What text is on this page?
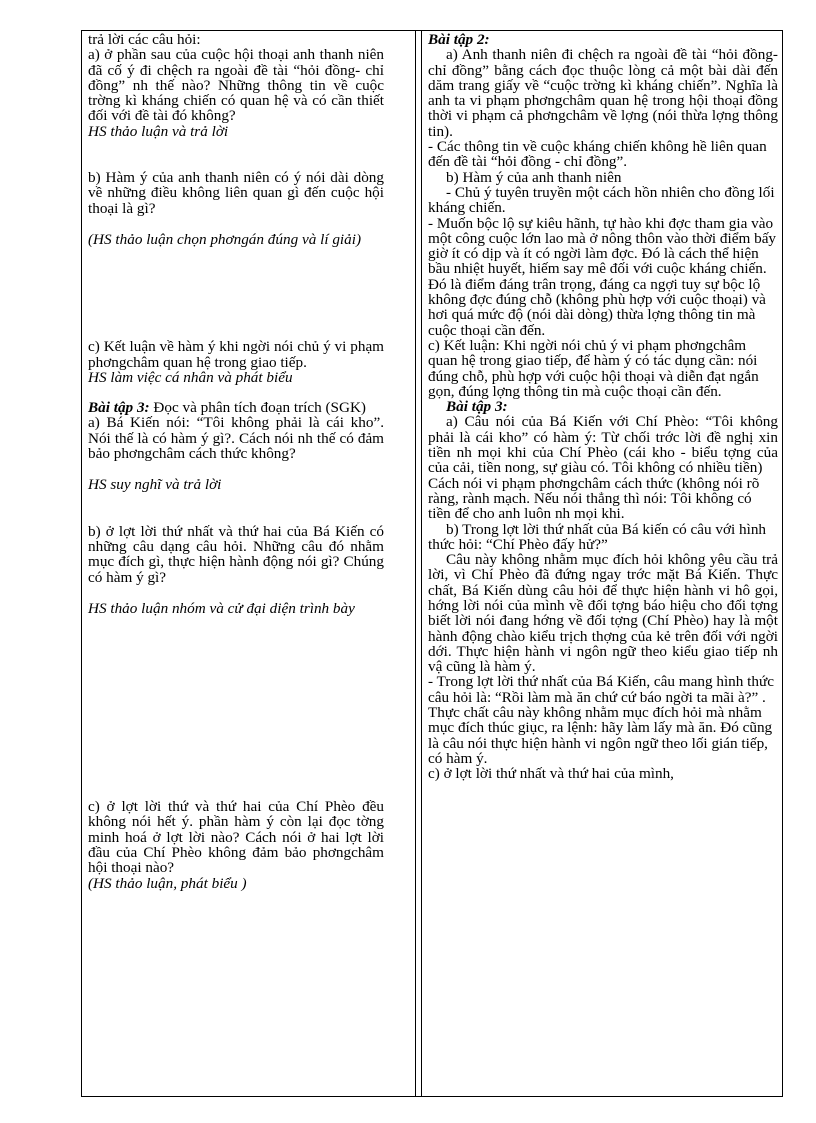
trả lời các câu hỏi:

a) ở phần sau của cuộc hội thoại anh thanh niên đã cố ý đi chệch ra ngoài đề tài “hỏi đồng- chỉ đồng” nh thế nào? Những thông tin về cuộc trờng kì kháng chiến có quan hệ và có cần thiết đối với đề tài đó không?

HS thảo luận và trả lời

b) Hàm ý của anh thanh niên có ý nói dài dòng về những điều không liên quan gì đến cuộc hội thoại là gì?

(HS thảo luận chọn phơngán đúng và lí giải)

c) Kết luận về hàm ý khi ngời nói chủ ý vi phạm phơngchâm quan hệ trong giao tiếp.

HS làm việc cá nhân và phát biểu

Bài tập 3: Đọc và phân tích đoạn trích (SGK)

a) Bá Kiến nói: “Tôi không phải là cái kho”. Nói thế là có hàm ý gì?. Cách nói nh thế có đảm bảo phơngchâm cách thức không?

HS suy nghĩ và trả lời

b) ở lợt lời thứ nhất và thứ hai của Bá Kiến có những câu dạng câu hỏi. Những câu đó nhằm mục đích gì, thực hiện hành động nói gì? Chúng có hàm ý gì?

HS thảo luận nhóm và cử đại diện trình bày

c) ở lợt lời thứ và thứ hai của Chí Phèo đều không nói hết ý. phần hàm ý còn lại đọc tờng minh hoá ở lợt lời nào? Cách nói ở hai lợt lời đầu của Chí Phèo không đảm bảo phơngchâm hội thoại nào?

(HS thảo luận, phát biểu )

Bài tập 2:

a) Anh thanh niên đi chệch ra ngoài đề tài “hỏi đồng- chỉ đồng” bằng cách đọc thuộc lòng cả một bài dài đến dăm trang giấy về “cuộc trờng kì kháng chiến”. Nghĩa là anh ta vi phạm phơngchâm quan hệ trong hội thoại đồng thời vi phạm cả phơngchâm về lợng (nói thừa lợng thông tin).

- Các thông tin về cuộc kháng chiến không hề liên quan đến đề tài “hỏi đồng - chỉ đồng”.

b) Hàm ý của anh thanh niên

- Chủ ý tuyên truyền một cách hồn nhiên cho đồng lối kháng chiến.

- Muốn bộc lộ sự kiêu hãnh, tự hào khi đợc tham gia vào một công cuộc lớn lao mà ở nông thôn vào thời điểm bấy giờ ít có dịp và ít có ngời làm đợc. Đó là cách thể hiện bầu nhiệt huyết, hiếm say mê đối với cuộc kháng chiến. Đó là điểm đáng trân trọng, đáng ca ngợi tuy sự bộc lộ không đợc đúng chỗ (không phù hợp với cuộc thoại) và hơi quá mức độ (nói dài dòng) thừa lợng thông tin mà cuộc thoại cần đến.

c) Kết luận: Khi ngời nói chủ ý vi phạm phơngchâm quan hệ trong giao tiếp, để hàm ý có tác dụng cần: nói đúng chỗ, phù hợp với cuộc hội thoại và diễn đạt ngắn gọn, đúng lợng thông tin mà cuộc thoại cần đến.

Bài tập 3:

a) Câu nói của Bá Kiến với Chí Phèo: “Tôi không phải là cái kho” có hàm ý: Từ chối trớc lời đề nghị xin tiền nh mọi khi của Chí Phèo (cái kho - biểu tợng của của cải, tiền nong, sự giàu có. Tôi không có nhiều tiền)

Cách nói vi phạm phơngchâm cách thức (không nói rõ ràng, rành mạch. Nếu nói thẳng thì nói: Tôi không có tiền để cho anh luôn nh mọi khi.

b) Trong lợt lời thứ nhất của Bá kiến có câu với hình thức hỏi: “Chí Phèo đấy hử?”

Câu này không nhằm mục đích hỏi không yêu cầu trả lời, vì Chí Phèo đã đứng ngay trớc mặt Bá Kiến. Thực chất, Bá Kiến dùng câu hỏi để thực hiện hành vi hô gọi, hớng lời nói của mình về đối tợng báo hiệu cho đối tợng biết lời nói đang hớng về đối tợng (Chí Phèo) hay là một hành động chào kiểu trịch thợng của kẻ trên đối với ngời dới. Thực hiện hành vi ngôn ngữ theo kiểu giao tiếp nh vậ cũng là hàm ý.

- Trong lợt lời thứ nhất của Bá Kiến, câu mang hình thức câu hỏi là: “Rồi làm mà ăn chứ cứ báo ngời ta mãi à?” . Thực chất câu này không nhằm mục đích hỏi mà nhằm mục đích thúc giục, ra lệnh: hãy làm lấy mà ăn. Đó cũng là câu nói thực hiện hành vi ngôn ngữ theo lối gián tiếp, có hàm ý.

c) ở lợt lời thứ nhất và thứ hai của mình,
